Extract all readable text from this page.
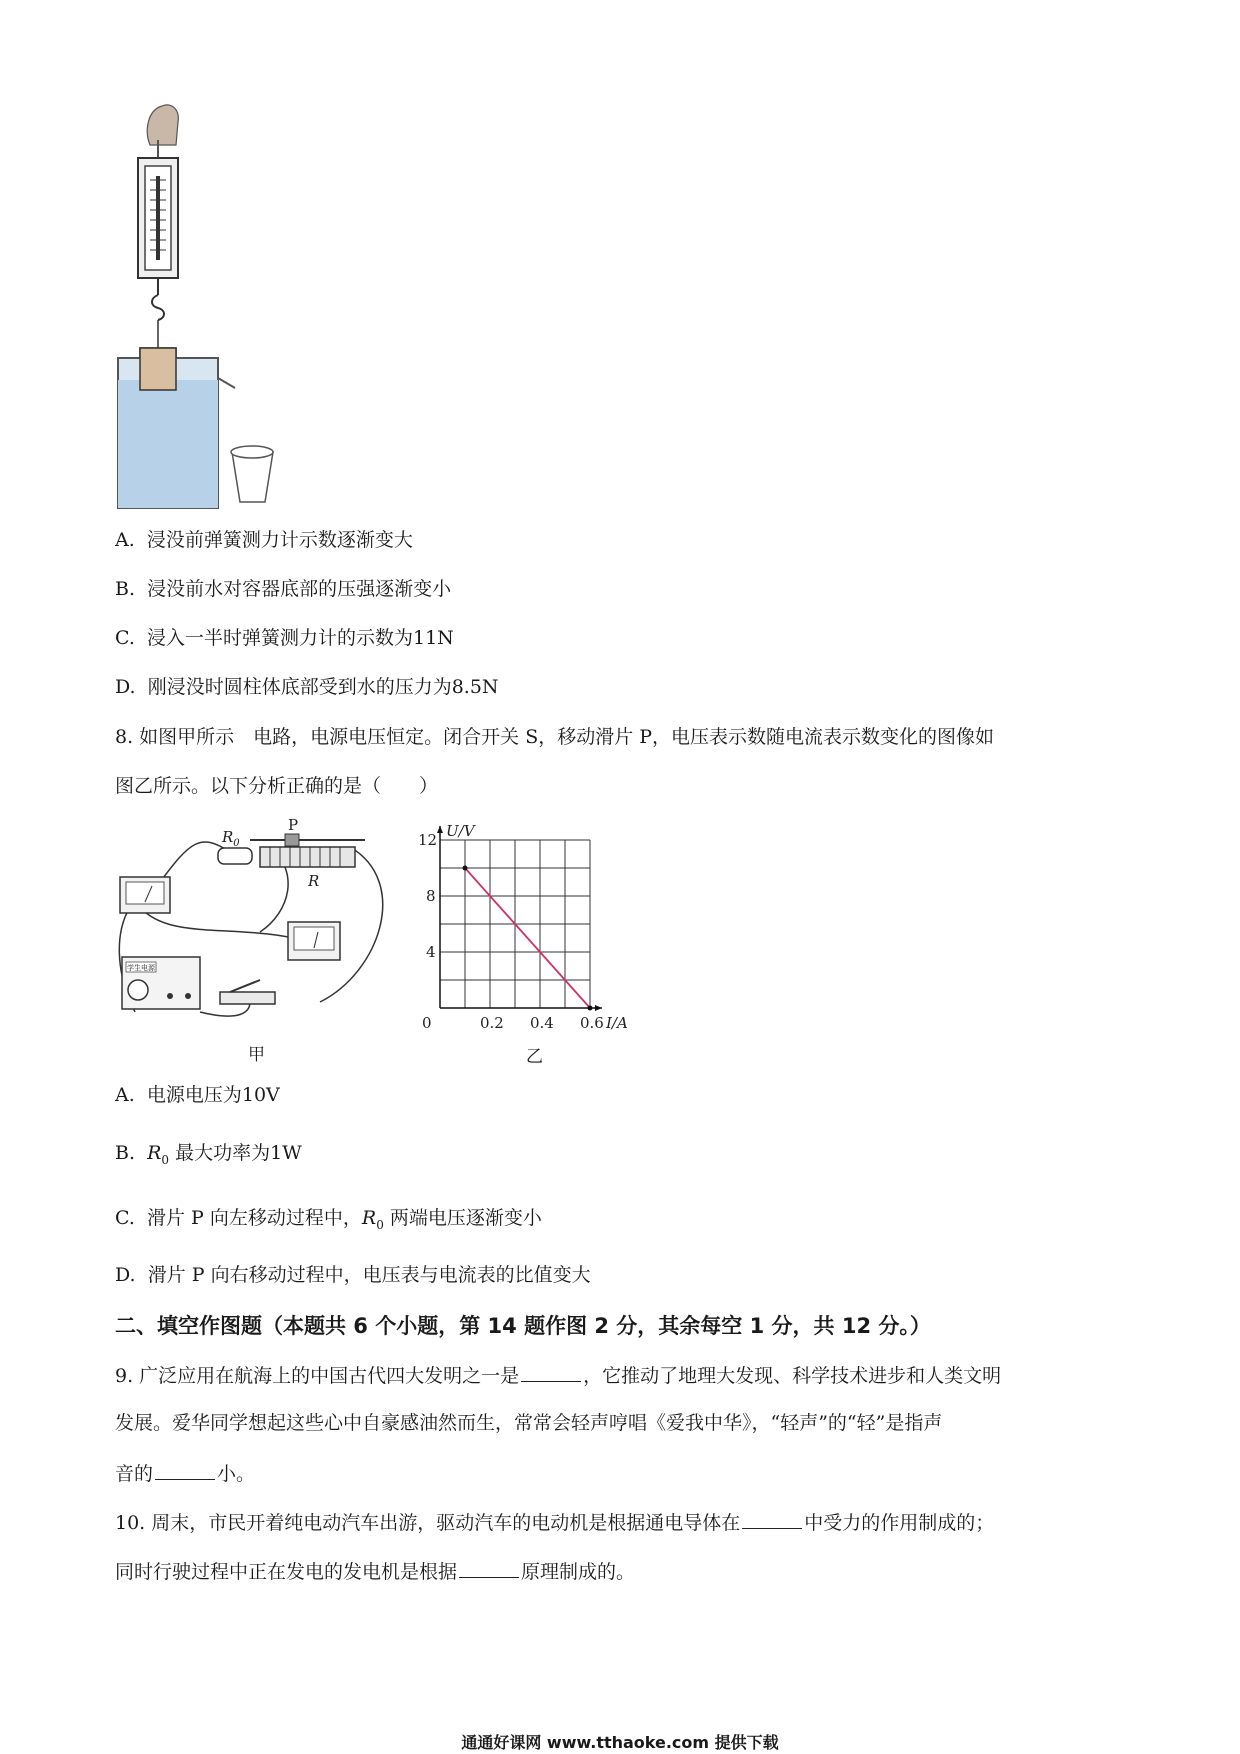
A. 浸没前弹簧测力计示数逐渐变大
B. 浸没前水对容器底部的压强逐渐变小
C. 浸入一半时弹簧测力计的示数为11N
D. 刚浸没时圆柱体底部受到水的压力为8.5N
8. 如图甲所示　电路，电源电压恒定。闭合开关 S，移动滑片 P，电压表示数随电流表示数变化的图像如
图乙所示。以下分析正确的是（　　）
$R_0$
P
R
学生电源
甲
0	0.2 0.4 0.6
4
8
12 U/V
I/A
乙
A. 电源电压为10V
B. $R_0$ 最大功率为1W
C. 滑片 P 向左移动过程中，$R_0$ 两端电压逐渐变小
D. 滑片 P 向右移动过程中，电压表与电流表的比值变大
二、填空作图题（本题共 6 个小题，第 14 题作图 2 分，其余每空 1 分，共 12 分。）
9. 广泛应用在航海上的中国古代四大发明之一是	，它推动了地理大发现、科学技术进步和人类文明
发展。爱华同学想起这些心中自豪感油然而生，常常会轻声哼唱《爱我中华》，“轻声”的“轻”是指声
音的	小。
10. 周末，市民开着纯电动汽车出游，驱动汽车的电动机是根据通电导体在	中受力的作用制成的；
同时行驶过程中正在发电的发电机是根据	原理制成的。
通通好课网 www.tthaoke.com 提供下载
